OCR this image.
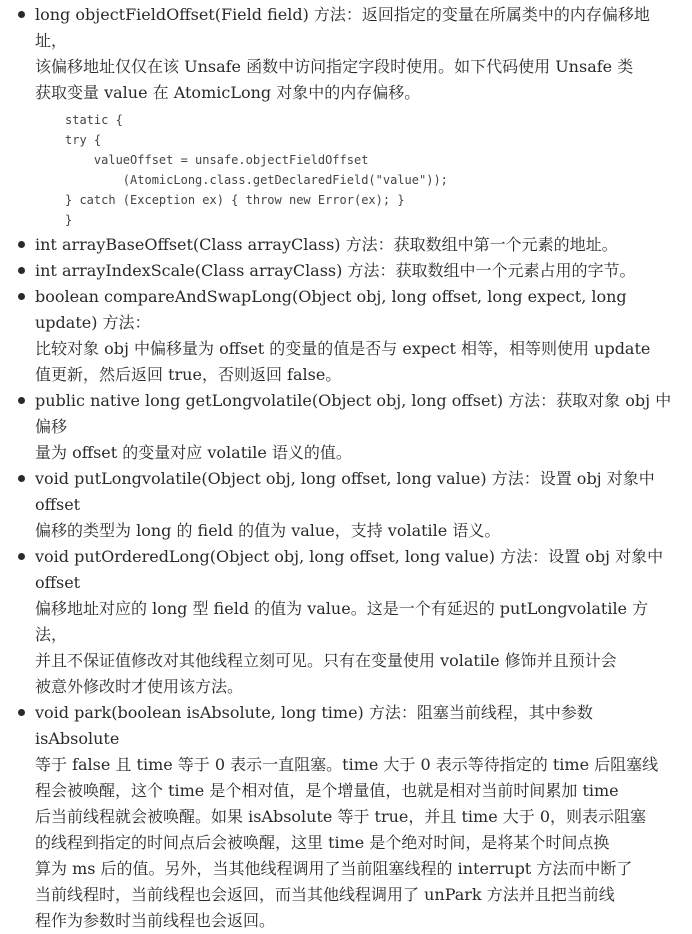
long objectFieldOffset(Field field) 方法：返回指定的变量在所属类中的内存偏移地址，
该偏移地址仅仅在该 Unsafe 函数中访问指定字段时使用。如下代码使用 Unsafe 类
获取变量 value 在 AtomicLong 对象中的内存偏移。

static {
try {
valueOffset = unsafe.objectFieldOffset
(AtomicLong.class.getDeclaredField("value"));
} catch (Exception ex) { throw new Error(ex); }
}

int arrayBaseOffset(Class arrayClass) 方法：获取数组中第一个元素的地址。

int arrayIndexScale(Class arrayClass) 方法：获取数组中一个元素占用的字节。

boolean compareAndSwapLong(Object obj, long offset, long expect, long update) 方法：
比较对象 obj 中偏移量为 offset 的变量的值是否与 expect 相等，相等则使用 update
值更新，然后返回 true，否则返回 false。

public native long getLongvolatile(Object obj, long offset) 方法：获取对象 obj 中偏移
量为 offset 的变量对应 volatile 语义的值。

void putLongvolatile(Object obj, long offset, long value) 方法：设置 obj 对象中 offset
偏移的类型为 long 的 field 的值为 value，支持 volatile 语义。

void putOrderedLong(Object obj, long offset, long value) 方法：设置 obj 对象中 offset
偏移地址对应的 long 型 field 的值为 value。这是一个有延迟的 putLongvolatile 方法，
并且不保证值修改对其他线程立刻可见。只有在变量使用 volatile 修饰并且预计会
被意外修改时才使用该方法。

void park(boolean isAbsolute, long time) 方法：阻塞当前线程，其中参数 isAbsolute
等于 false 且 time 等于 0 表示一直阻塞。time 大于 0 表示等待指定的 time 后阻塞线
程会被唤醒，这个 time 是个相对值，是个增量值，也就是相对当前时间累加 time
后当前线程就会被唤醒。如果 isAbsolute 等于 true，并且 time 大于 0，则表示阻塞
的线程到指定的时间点后会被唤醒，这里 time 是个绝对时间，是将某个时间点换
算为 ms 后的值。另外，当其他线程调用了当前阻塞线程的 interrupt 方法而中断了
当前线程时，当前线程也会返回，而当其他线程调用了 unPark 方法并且把当前线
程作为参数时当前线程也会返回。
